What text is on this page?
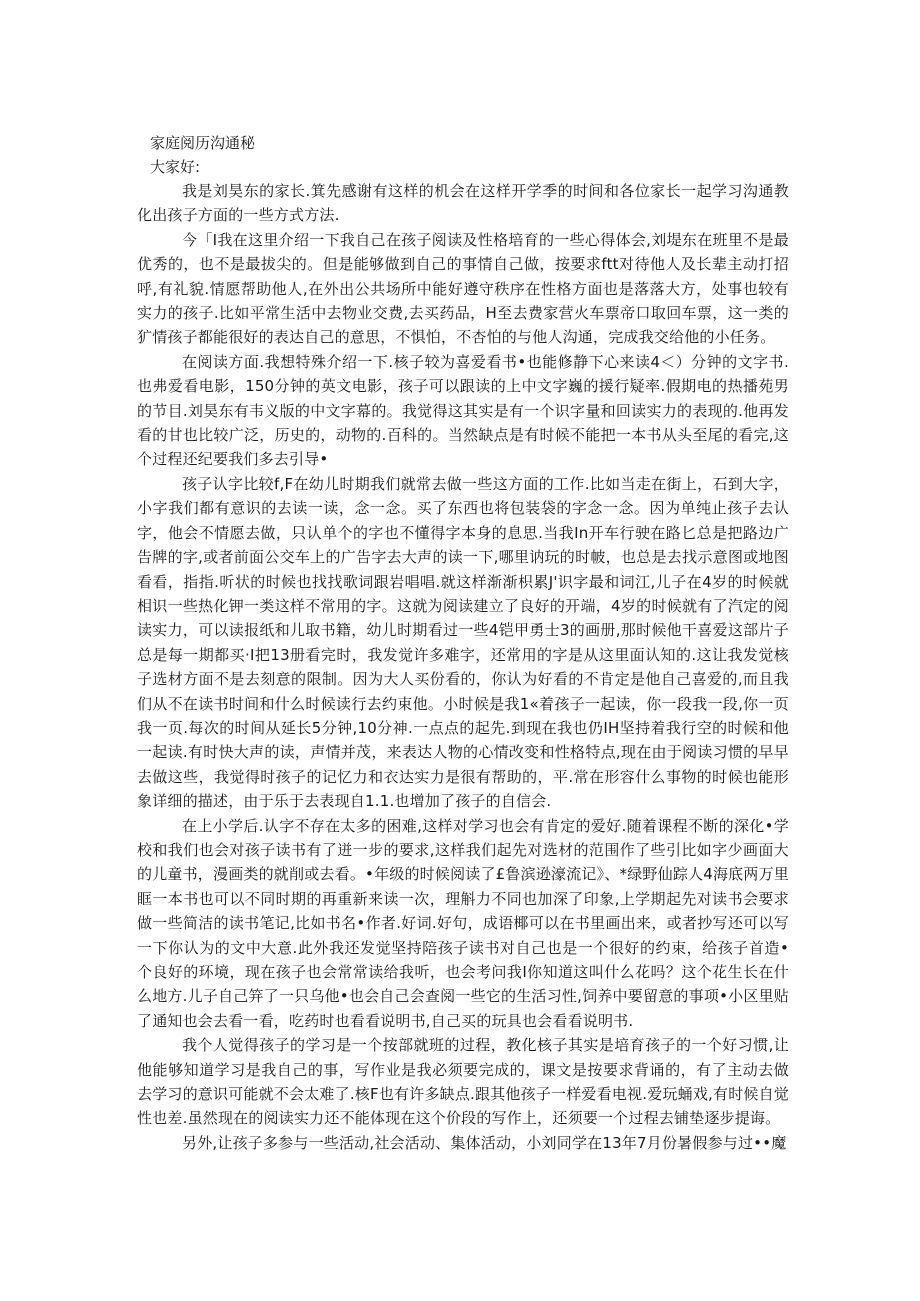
家庭阅历沟通秘

大家好:

我是刘昊东的家长.箕先感谢有这样的机会在这样开学季的时间和各位家长一起学习沟通教化出孩子方面的一些方式方法.

今「I我在这里介绍一下我自己在孩子阅读及性格培育的一些心得体会,刘堤东在班里不是最优秀的，也不是最拔尖的。但是能够做到自己的事情自己做，按要求ftt对待他人及长辈主动打招呼,有礼貌.情愿帮助他人,在外出公共场所中能好遵守秩序在性格方面也是落落大方，处事也较有实力的孩子.比如平常生活中去物业交费,去买药品，H至去费家营火车票帝口取回车票，这一类的犷情孩子都能很好的表达自己的意思，不惧怕，不杏怕的与他人沟通，完成我交给他的小任务。

在阅读方面.我想特殊介绍一下.核子较为喜爱看书•也能修静下心来读4＜）分钟的文字书.也弗爱看电影，150分钟的英文电影，孩子可以跟读的上中文字巍的援行疑率.假期电的热播苑男的节目.刘昊东有韦义版的中文字幕的。我觉得这其实是有一个识字量和回读实力的表现的.他再发看的甘也比较广泛，历史的，动物的.百科的。当然缺点是有时候不能把一本书从头至尾的看完,这个过程还纪要我们多去引导•

孩子认字比较f,F在幼儿时期我们就常去做一些这方面的工作.比如当走在街上，石到大字，小字我们都有意识的去读一读，念一念。买了东西也将包装袋的字念一念。因为单纯止孩子去认字，他会不情愿去做，只认单个的字也不懂得字本身的息思.当我In开车行驶在路匕总是把路边广告牌的字,或者前面公交车上的广告字去大声的读一下,哪里讷玩的时帔，也总是去找示意图或地图看看，指指.听状的时候也找找歌词跟岩唱唱.就这样渐渐枳累J'识字最和词江,儿子在4岁的时候就相识一些热化钾一类这样不常用的字。这就为阅读建立了良好的开端，4岁的时候就有了汽定的阅读实力，可以读报纸和儿取书籍，幼儿时期看过一些4铠甲勇士3的画册,那时候他干喜爱这部片子总是每一期都买·I把13册看完时，我发觉许多难字，还常用的字是从这里面认知的.这让我发觉核子选材方面不是去刻意的限制。因为大人买份看的，你认为好看的不肯定是他自己喜爱的,而且我们从不在读书时间和什么时候读行去约束他。小时候是我1«着孩子一起读，你一段我一段,你一页我一页.每次的时间从延长5分钟,10分神.一点点的起先.到现在我也仍IH坚持着我行空的时候和他一起读.有时快大声的读，声情并茂，来表达人物的心情改变和性格特点,现在由于阅读习惯的早早去做这些，我觉得时孩子的记忆力和衣达实力是很有帮助的，平.常在形容什么事物的时候也能形象详细的描述，由于乐于去表现自1.1.也增加了孩子的自信会.

在上小学后.认字不存在太多的困难,这样对学习也会有肯定的爱好.随着课程不断的深化•学校和我们也会对孩子读书有了迸一步的要求,这样我们起先对选材的范围作了些引比如字少画面大的儿童书，漫画类的就削或去看。•年级的时候阅读了£鲁滨逊濠流记》、*绿野仙踪人4海底两万里眶一本书也可以不同时期的再重新来读一次，理斛力不同也加深了印象,上学期起先对读书会要求做一些简洁的读书笔记,比如书名•作者.好词.好句，成语椰可以在书里画出来，或者抄写还可以写一下你认为的文中大意.此外我还发觉坚持陪孩子读书对自己也是一个很好的约束，给孩子首造•个良好的环境，现在孩子也会常常读给我听，也会考问我I你知道这叫什么花吗？这个花生长在什么地方.儿子自己笄了一只乌他•也会自己会查阅一些它的生活习性,饲养中要留意的事项•小区里贴了通知也会去看一看，吃药时也看看说明书,自己买的玩具也会看看说明书.

我个人觉得孩子的学习是一个按部就班的过程，教化核子其实是培育孩子的一个好习惯,让他能够知道学习是我自己的事，写作业是我必须要完成的，课文是按要求背诵的，有了主动去做去学习的意识可能就不会太难了.核F也有许多缺点.跟其他孩子一样爱看电视.爱玩蛹戏,有时候自觉性也差.虽然现在的阅读实力还不能体现在这个价段的写作上，还须要一个过程去铺垫逐步提诲。

另外,让孩子多参与一些活动,社会活动、集体活动，小刘同学在13年7月份暑假参与过••魔
